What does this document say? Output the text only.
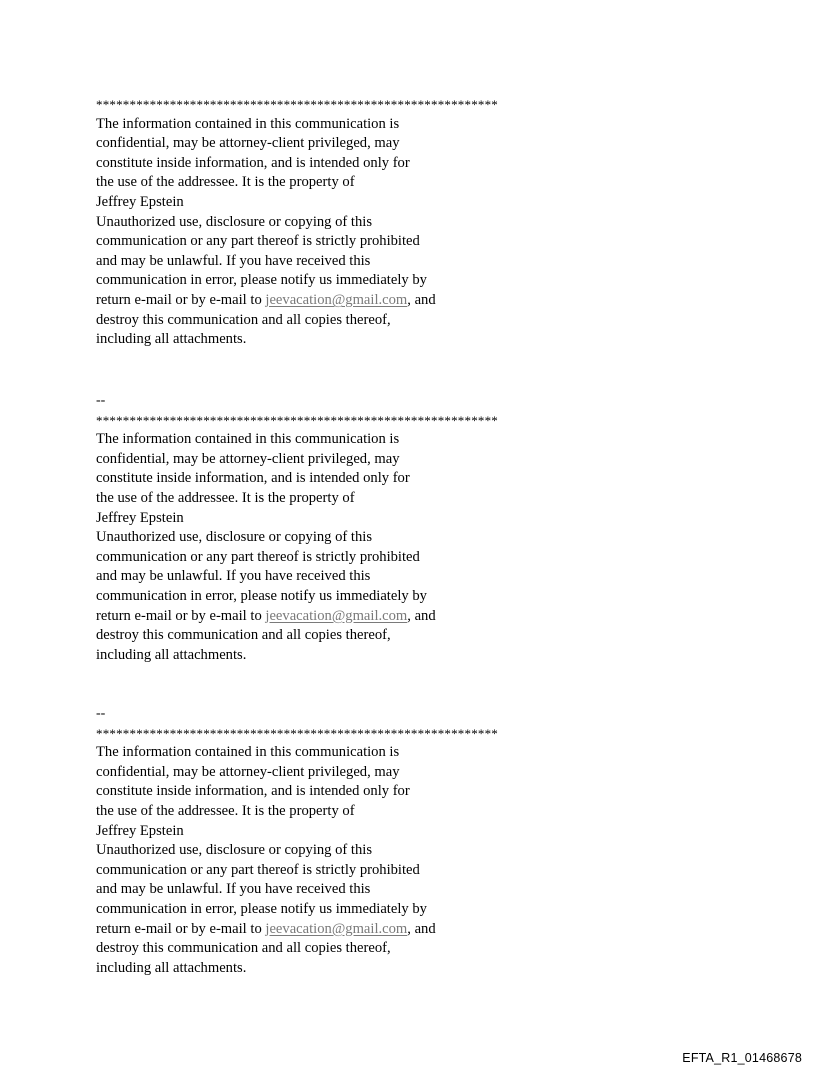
************************************************************
The information contained in this communication is
confidential, may be attorney-client privileged, may
constitute inside information, and is intended only for
the use of the addressee. It is the property of
Jeffrey Epstein
Unauthorized use, disclosure or copying of this
communication or any part thereof is strictly prohibited
and may be unlawful. If you have received this
communication in error, please notify us immediately by
return e-mail or by e-mail to jeevacation@gmail.com, and
destroy this communication and all copies thereof,
including all attachments.
--
************************************************************
The information contained in this communication is
confidential, may be attorney-client privileged, may
constitute inside information, and is intended only for
the use of the addressee. It is the property of
Jeffrey Epstein
Unauthorized use, disclosure or copying of this
communication or any part thereof is strictly prohibited
and may be unlawful. If you have received this
communication in error, please notify us immediately by
return e-mail or by e-mail to jeevacation@gmail.com, and
destroy this communication and all copies thereof,
including all attachments.
--
************************************************************
The information contained in this communication is
confidential, may be attorney-client privileged, may
constitute inside information, and is intended only for
the use of the addressee. It is the property of
Jeffrey Epstein
Unauthorized use, disclosure or copying of this
communication or any part thereof is strictly prohibited
and may be unlawful. If you have received this
communication in error, please notify us immediately by
return e-mail or by e-mail to jeevacation@gmail.com, and
destroy this communication and all copies thereof,
including all attachments.
EFTA_R1_01468678
